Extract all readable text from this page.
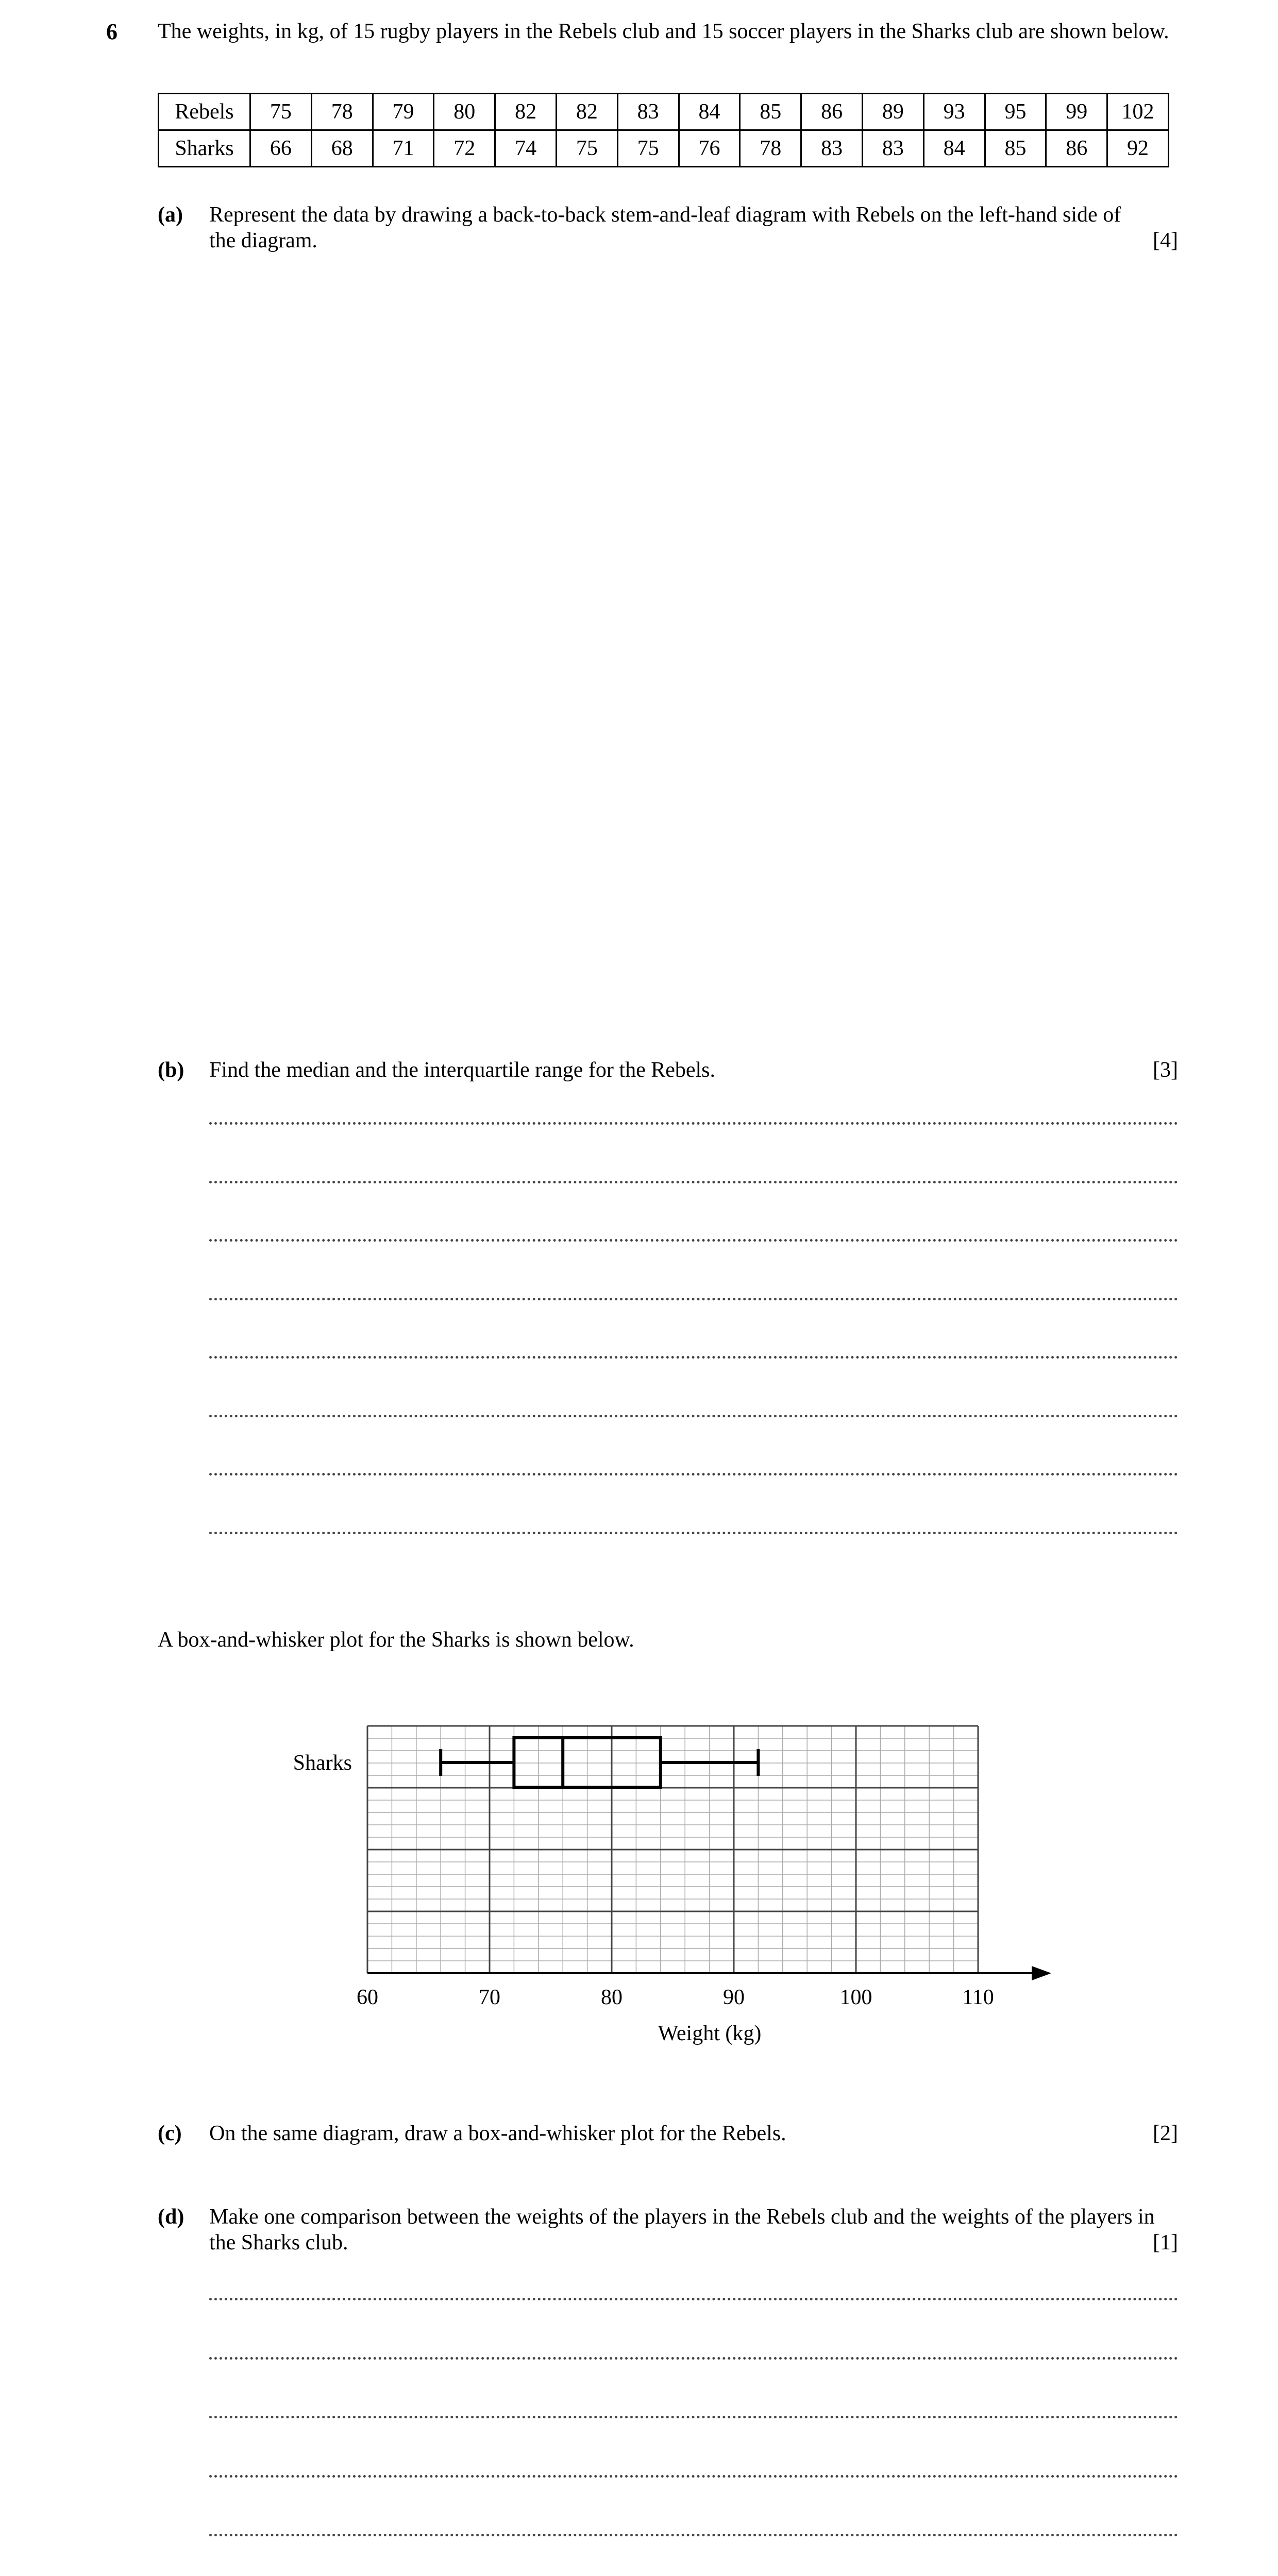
6 The weights, in kg, of 15 rugby players in the Rebels club and 15 soccer players in the Sharks club are shown below.
Rebels	75	78	79	80	82	82	83	84	85	86	89	93	95	99	102
Sharks	66	68	71	72	74	75	75	76	78	83	83	84	85	86	92
(a) Represent the data by drawing a back-to-back stem-and-leaf diagram with Rebels on the left-hand side of the diagram.	[4]
(b) Find the median and the interquartile range for the Rebels.	[3]
A box-and-whisker plot for the Sharks is shown below.
60	70	80	90	100	110
Sharks
Weight (kg)
(c) On the same diagram, draw a box-and-whisker plot for the Rebels.	[2]
(d) Make one comparison between the weights of the players in the Rebels club and the weights of the players in the Sharks club.	[1]
